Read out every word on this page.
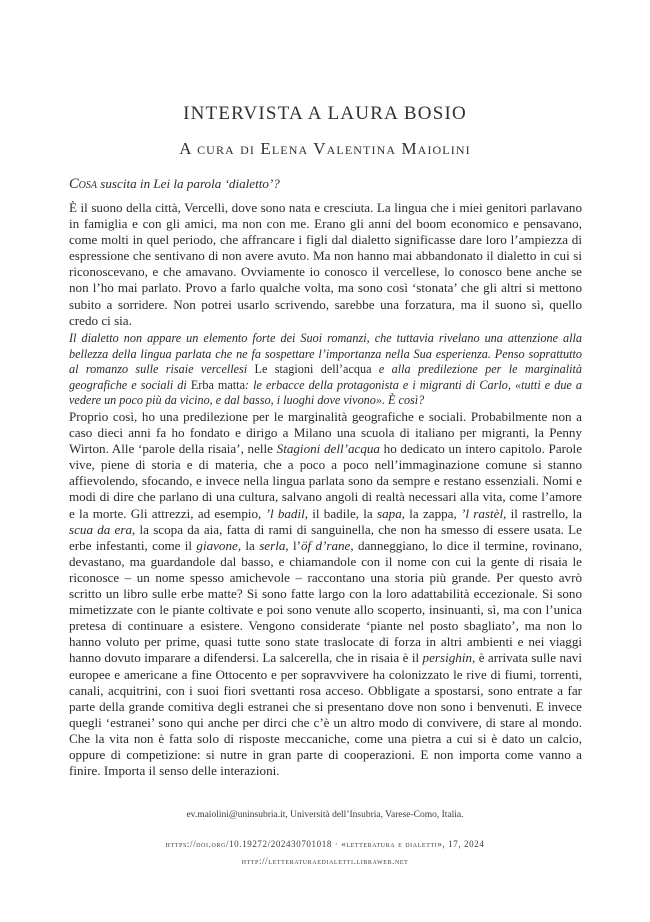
INTERVISTA A LAURA BOSIO
A cura di Elena Valentina Maiolini
Cosa suscita in Lei la parola ‘dialetto’?
È il suono della città, Vercelli, dove sono nata e cresciuta. La lingua che i miei genitori parlavano in famiglia e con gli amici, ma non con me. Erano gli anni del boom economico e pensavano, come molti in quel periodo, che affrancare i figli dal dialetto significasse dare loro l’ampiezza di espressione che sentivano di non avere avuto. Ma non hanno mai abbandonato il dialetto in cui si riconoscevano, e che amavano. Ovviamente io conosco il vercellese, lo conosco bene anche se non l’ho mai parlato. Provo a farlo qualche volta, ma sono così ‘stonata’ che gli altri si mettono subito a sorridere. Non potrei usarlo scrivendo, sarebbe una forzatura, ma il suono sì, quello credo ci sia.
Il dialetto non appare un elemento forte dei Suoi romanzi, che tuttavia rivelano una attenzione alla bellezza della lingua parlata che ne fa sospettare l’importanza nella Sua esperienza. Penso soprattutto al romanzo sulle risaie vercellesi Le stagioni dell’acqua e alla predilezione per le marginalità geografiche e sociali di Erba matta: le erbacce della protagonista e i migranti di Carlo, «tutti e due a vedere un poco più da vicino, e dal basso, i luoghi dove vivono». È così?
Proprio così, ho una predilezione per le marginalità geografiche e sociali. Probabilmente non a caso dieci anni fa ho fondato e dirigo a Milano una scuola di italiano per migranti, la Penny Wirton. Alle ‘parole della risaia’, nelle Stagioni dell’acqua ho dedicato un intero capitolo. Parole vive, piene di storia e di materia, che a poco a poco nell’immaginazione comune si stanno affievolendo, sfocando, e invece nella lingua parlata sono da sempre e restano essenziali. Nomi e modi di dire che parlano di una cultura, salvano angoli di realtà necessari alla vita, come l’amore e la morte. Gli attrezzi, ad esempio, ’l badil, il badile, la sapa, la zappa, ’l rastèl, il rastrello, la scua da era, la scopa da aia, fatta di rami di sanguinella, che non ha smesso di essere usata. Le erbe infestanti, come il giavone, la serla, l’öf d’rane, danneggiano, lo dice il termine, rovinano, devastano, ma guardandole dal basso, e chiamandole con il nome con cui la gente di risaia le riconosce – un nome spesso amichevole – raccontano una storia più grande. Per questo avrò scritto un libro sulle erbe matte? Si sono fatte largo con la loro adattabilità eccezionale. Si sono mimetizzate con le piante coltivate e poi sono venute allo scoperto, insinuanti, sì, ma con l’unica pretesa di continuare a esistere. Vengono considerate ‘piante nel posto sbagliato’, ma non lo hanno voluto per prime, quasi tutte sono state traslocate di forza in altri ambienti e nei viaggi hanno dovuto imparare a difendersi. La salcerella, che in risaia è il persighin, è arrivata sulle navi europee e americane a fine Ottocento e per sopravvivere ha colonizzato le rive di fiumi, torrenti, canali, acquitrini, con i suoi fiori svettanti rosa acceso. Obbligate a spostarsi, sono entrate a far parte della grande comitiva degli estranei che si presentano dove non sono i benvenuti. E invece quegli ‘estranei’ sono qui anche per dirci che c’è un altro modo di convivere, di stare al mondo. Che la vita non è fatta solo di risposte meccaniche, come una pietra a cui si è dato un calcio, oppure di competizione: si nutre in gran parte di cooperazioni. E non importa come vanno a finire. Importa il senso delle interazioni.
ev.maiolini@uninsubria.it, Università dell’Insubria, Varese-Como, Italia.
https://doi.org/10.19272/202430701018 · «letteratura e dialetti», 17, 2024
http://letteraturaedialetti.libraweb.net
